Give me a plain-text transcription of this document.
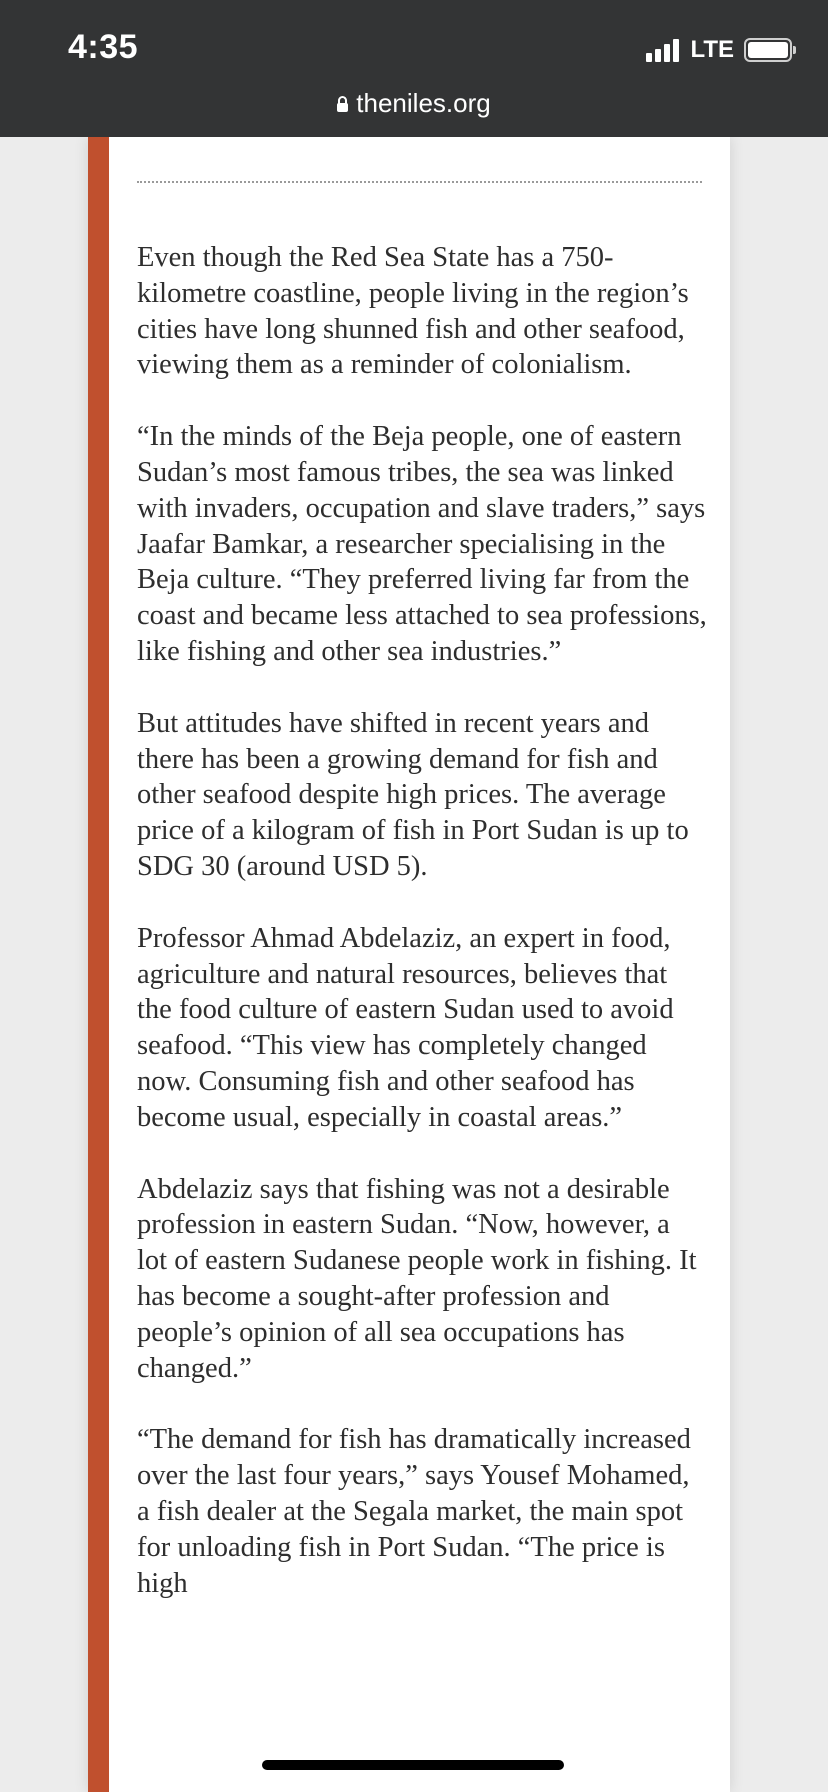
4:35	LTE
theniles.org

Even though the Red Sea State has a 750-kilometre coastline, people living in the region’s cities have long shunned fish and other seafood, viewing them as a reminder of colonialism.

“In the minds of the Beja people, one of eastern Sudan’s most famous tribes, the sea was linked with invaders, occupation and slave traders,” says Jaafar Bamkar, a researcher specialising in the Beja culture. “They preferred living far from the coast and became less attached to sea professions, like fishing and other sea industries.”

But attitudes have shifted in recent years and there has been a growing demand for fish and other seafood despite high prices. The average price of a kilogram of fish in Port Sudan is up to SDG 30 (around USD 5).

Professor Ahmad Abdelaziz, an expert in food, agriculture and natural resources, believes that the food culture of eastern Sudan used to avoid seafood. “This view has completely changed now. Consuming fish and other seafood has become usual, especially in coastal areas.”

Abdelaziz says that fishing was not a desirable profession in eastern Sudan. “Now, however, a lot of eastern Sudanese people work in fishing. It has become a sought-after profession and people’s opinion of all sea occupations has changed.”

“The demand for fish has dramatically increased over the last four years,” says Yousef Mohamed, a fish dealer at the Segala market, the main spot for unloading fish in Port Sudan. “The price is high
